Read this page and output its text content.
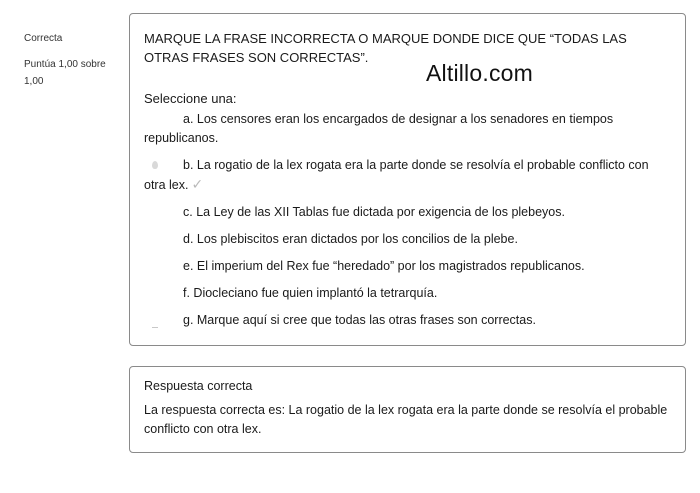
Correcta
Puntúa 1,00 sobre 1,00
MARQUE LA FRASE INCORRECTA O MARQUE DONDE DICE QUE “TODAS LAS OTRAS FRASES SON CORRECTAS”.
Altillo.com
Seleccione una:
a. Los censores eran los encargados de designar a los senadores en tiempos republicanos.
b. La rogatio de la lex rogata era la parte donde se resolvía el probable conflicto con otra lex. ✓
c. La Ley de las XII Tablas fue dictada por exigencia de los plebeyos.
d. Los plebiscitos eran dictados por los concilios de la plebe.
e. El imperium del Rex fue “heredado” por los magistrados republicanos.
f. Diocleciano fue quien implantó la tetrarquía.
g. Marque aquí si cree que todas las otras frases son correctas.
Respuesta correcta
La respuesta correcta es: La rogatio de la lex rogata era la parte donde se resolvía el probable conflicto con otra lex.
